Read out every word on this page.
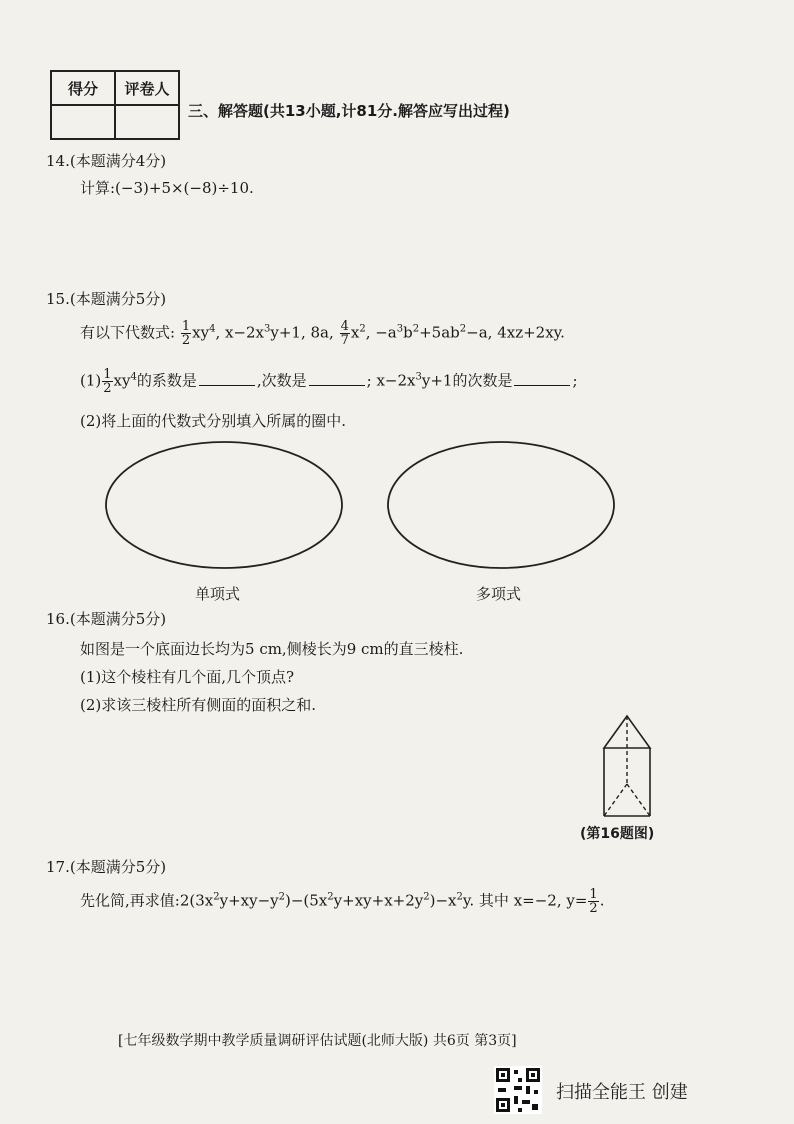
得分	评卷人

三、解答题(共13小题,计81分.解答应写出过程)
14.(本题满分4分)
计算:(−3)+5×(−8)÷10.
15.(本题满分5分)
有以下代数式: $\frac{1}{2} xy^4$, $x-2x^3y+1$, 8a, $\frac{4}{7} x^2$, $-a^3b^2+5ab^2-a$, 4xz+2xy.
$(1) \frac{1}{2} xy^4$的系数是	,次数是	; $x-2x^3y+1$的次数是	;
(2)将上面的代数式分别填入所属的圈中.
单项式	多项式
16.(本题满分5分)
如图是一个底面边长均为5 cm,侧棱长为9 cm的直三棱柱.
(1)这个棱柱有几个面,几个顶点?
(2)求该三棱柱所有侧面的面积之和.
(第16题图)
17.(本题满分5分)
先化简,再求值$:2(3x^2y+xy-y^2)-(5x^2y+xy+x+2y^2)-x^2y$. 其中 x=−2, $y= \frac{1}{2}$ .
[七年级数学期中教学质量调研评估试题(北师大版) 共6页 第3页]
扫描全能王 创建
